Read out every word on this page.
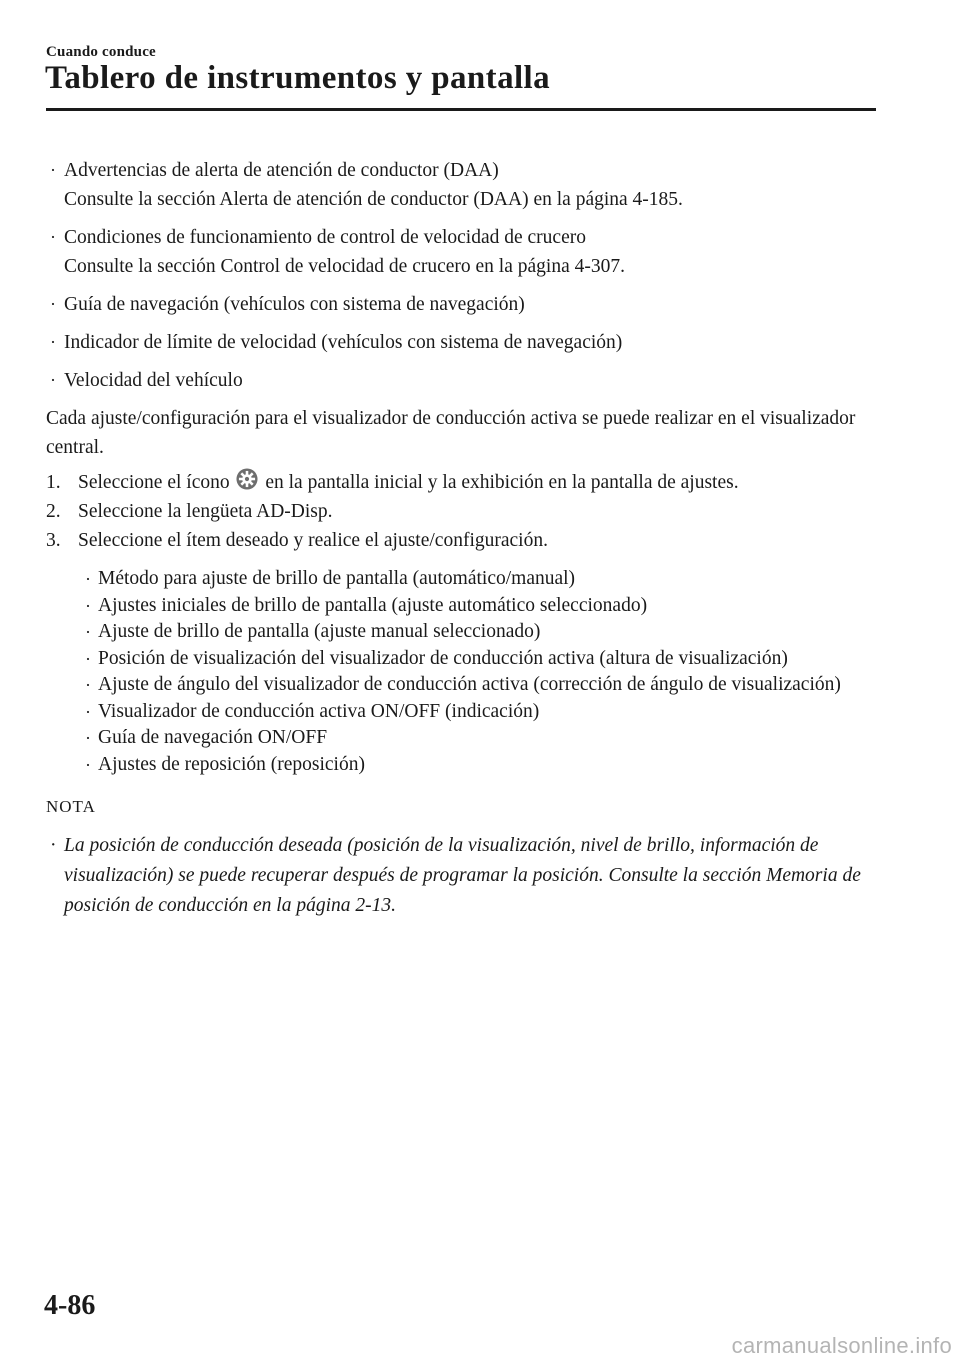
Cuando conduce
Tablero de instrumentos y pantalla
· Advertencias de alerta de atención de conductor (DAA)
Consulte la sección Alerta de atención de conductor (DAA) en la página 4-185.
· Condiciones de funcionamiento de control de velocidad de crucero
Consulte la sección Control de velocidad de crucero en la página 4-307.
· Guía de navegación (vehículos con sistema de navegación)
· Indicador de límite de velocidad (vehículos con sistema de navegación)
· Velocidad del vehículo

Cada ajuste/configuración para el visualizador de conducción activa se puede realizar en el visualizador central.

1. Seleccione el ícono en la pantalla inicial y la exhibición en la pantalla de ajustes.
2. Seleccione la lengüeta AD-Disp.
3. Seleccione el ítem deseado y realice el ajuste/configuración.
· Método para ajuste de brillo de pantalla (automático/manual)
· Ajustes iniciales de brillo de pantalla (ajuste automático seleccionado)
· Ajuste de brillo de pantalla (ajuste manual seleccionado)
· Posición de visualización del visualizador de conducción activa (altura de visualización)
· Ajuste de ángulo del visualizador de conducción activa (corrección de ángulo de visualización)
· Visualizador de conducción activa ON/OFF (indicación)
· Guía de navegación ON/OFF
· Ajustes de reposición (reposición)
NOTA
· La posición de conducción deseada (posición de la visualización, nivel de brillo, información de visualización) se puede recuperar después de programar la posición. Consulte la sección Memoria de posición de conducción en la página 2-13.
4-86
carmanualsonline.info
